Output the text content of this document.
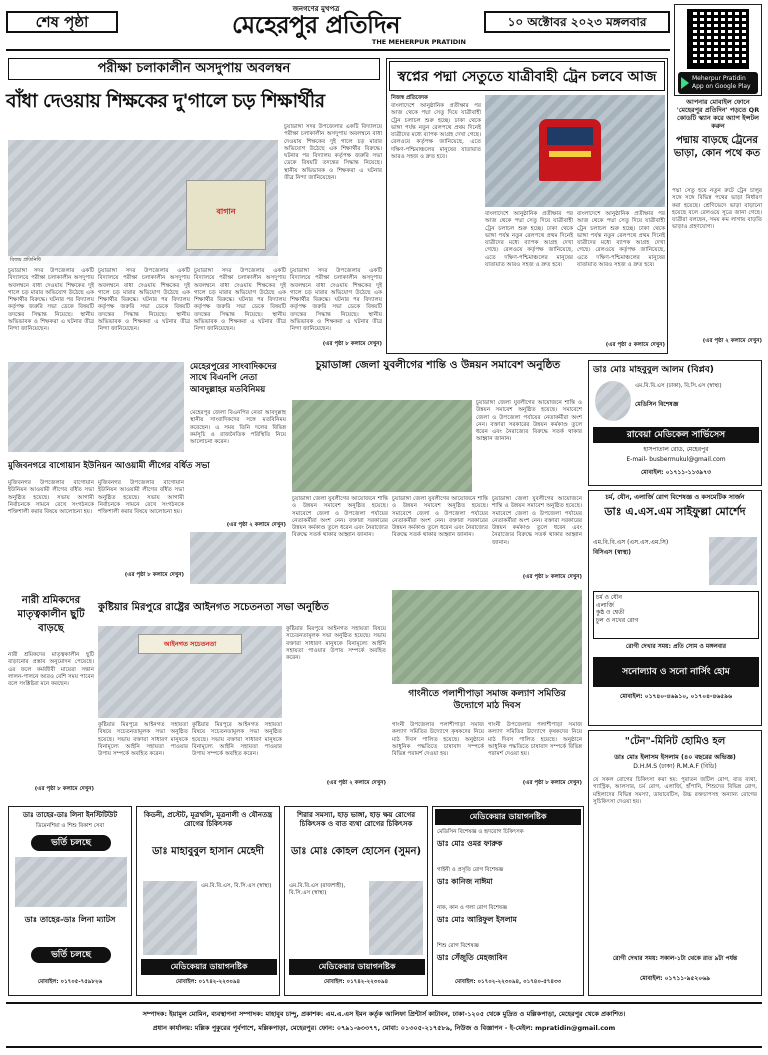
শেষ পৃষ্ঠা
জনগণের মুখপত্র
মেহেরপুর প্রতিদিন
THE MEHERPUR PRATIDIN
১০ অক্টোবর ২০২৩ মঙ্গলবার
Meherpur Pratidin
App on Google Play
আপনার মোবাইল ফোনে 'মেহেরপুর প্রতিদিন' পড়তে QR কোডটি স্ক্যান করে অ্যাপ ইন্সটল করুন
পরীক্ষা চলাকালীন অসদুপায় অবলম্বন
বাঁধা দেওয়ায় শিক্ষকের দু'গালে চড় শিক্ষার্থীর
বাগান
বিজয় প্রতিনিধি
চুয়াডাঙ্গা সদর উপজেলার একটি বিদ্যালয়ে পরীক্ষা চলাকালীন অসদুপায় অবলম্বনে বাধা দেওয়ায় শিক্ষকের দুই গালে চড় মারার অভিযোগ উঠেছে এক শিক্ষার্থীর বিরুদ্ধে। ঘটনার পর বিদ্যালয় কর্তৃপক্ষ জরুরি সভা ডেকে বিষয়টি তদন্তের সিদ্ধান্ত নিয়েছে। স্থানীয় অভিভাবক ও শিক্ষকরা এ ঘটনার তীব্র নিন্দা জানিয়েছেন।
চুয়াডাঙ্গা সদর উপজেলার একটি বিদ্যালয়ে পরীক্ষা চলাকালীন অসদুপায় অবলম্বনে বাধা দেওয়ায় শিক্ষকের দুই গালে চড় মারার অভিযোগ উঠেছে এক শিক্ষার্থীর বিরুদ্ধে। ঘটনার পর বিদ্যালয় কর্তৃপক্ষ জরুরি সভা ডেকে বিষয়টি তদন্তের সিদ্ধান্ত নিয়েছে। স্থানীয় অভিভাবক ও শিক্ষকরা এ ঘটনার তীব্র নিন্দা জানিয়েছেন।
চুয়াডাঙ্গা সদর উপজেলার একটি বিদ্যালয়ে পরীক্ষা চলাকালীন অসদুপায় অবলম্বনে বাধা দেওয়ায় শিক্ষকের দুই গালে চড় মারার অভিযোগ উঠেছে এক শিক্ষার্থীর বিরুদ্ধে। ঘটনার পর বিদ্যালয় কর্তৃপক্ষ জরুরি সভা ডেকে বিষয়টি তদন্তের সিদ্ধান্ত নিয়েছে। স্থানীয় অভিভাবক ও শিক্ষকরা এ ঘটনার তীব্র নিন্দা জানিয়েছেন।
চুয়াডাঙ্গা সদর উপজেলার একটি বিদ্যালয়ে পরীক্ষা চলাকালীন অসদুপায় অবলম্বনে বাধা দেওয়ায় শিক্ষকের দুই গালে চড় মারার অভিযোগ উঠেছে এক শিক্ষার্থীর বিরুদ্ধে। ঘটনার পর বিদ্যালয় কর্তৃপক্ষ জরুরি সভা ডেকে বিষয়টি তদন্তের সিদ্ধান্ত নিয়েছে। স্থানীয় অভিভাবক ও শিক্ষকরা এ ঘটনার তীব্র নিন্দা জানিয়েছেন।
চুয়াডাঙ্গা সদর উপজেলার একটি বিদ্যালয়ে পরীক্ষা চলাকালীন অসদুপায় অবলম্বনে বাধা দেওয়ায় শিক্ষকের দুই গালে চড় মারার অভিযোগ উঠেছে এক শিক্ষার্থীর বিরুদ্ধে। ঘটনার পর বিদ্যালয় কর্তৃপক্ষ জরুরি সভা ডেকে বিষয়টি তদন্তের সিদ্ধান্ত নিয়েছে। স্থানীয় অভিভাবক ও শিক্ষকরা এ ঘটনার তীব্র নিন্দা জানিয়েছেন।
(এর পৃষ্ঠা ৮ কলামে দেখুন)
স্বপ্নের পদ্মা সেতুতে যাত্রীবাহী ট্রেন চলবে আজ
নিজস্ব প্রতিবেদক
বাংলাদেশে আনুষ্ঠানিক প্রতীক্ষার পর আজ থেকে পদ্মা সেতু দিয়ে যাত্রীবাহী ট্রেন চলাচল শুরু হচ্ছে। ঢাকা থেকে ভাঙ্গা পর্যন্ত নতুন রেলপথে প্রথম দিনেই যাত্রীদের মধ্যে ব্যাপক আগ্রহ দেখা গেছে। রেলওয়ে কর্তৃপক্ষ জানিয়েছে, এতে দক্ষিণ-পশ্চিমাঞ্চলের মানুষের যাতায়াত আরও সহজ ও দ্রুত হবে।
বাংলাদেশে আনুষ্ঠানিক প্রতীক্ষার পর আজ থেকে পদ্মা সেতু দিয়ে যাত্রীবাহী ট্রেন চলাচল শুরু হচ্ছে। ঢাকা থেকে ভাঙ্গা পর্যন্ত নতুন রেলপথে প্রথম দিনেই যাত্রীদের মধ্যে ব্যাপক আগ্রহ দেখা গেছে। রেলওয়ে কর্তৃপক্ষ জানিয়েছে, এতে দক্ষিণ-পশ্চিমাঞ্চলের মানুষের যাতায়াত আরও সহজ ও দ্রুত হবে।
বাংলাদেশে আনুষ্ঠানিক প্রতীক্ষার পর আজ থেকে পদ্মা সেতু দিয়ে যাত্রীবাহী ট্রেন চলাচল শুরু হচ্ছে। ঢাকা থেকে ভাঙ্গা পর্যন্ত নতুন রেলপথে প্রথম দিনেই যাত্রীদের মধ্যে ব্যাপক আগ্রহ দেখা গেছে। রেলওয়ে কর্তৃপক্ষ জানিয়েছে, এতে দক্ষিণ-পশ্চিমাঞ্চলের মানুষের যাতায়াত আরও সহজ ও দ্রুত হবে।
(এর পৃষ্ঠা ৫ কলামে দেখুন)
পদ্মায় বাড়ছে ট্রেনের ভাড়া, কোন পথে কত
পদ্মা সেতু হয়ে নতুন রুটে ট্রেন চালুর সঙ্গে সঙ্গে বিভিন্ন পথের ভাড়া নির্ধারণ করা হয়েছে। শ্রেণিভেদে ভাড়া বাড়ানো হয়েছে বলে রেলওয়ে সূত্রে জানা গেছে। যাত্রীরা বলছেন, সময় কম লাগায় বাড়তি ভাড়াও গ্রহণযোগ্য।
(এর পৃষ্ঠা ২ কলামে দেখুন)
মুজিবনগরে বাগোয়ান ইউনিয়ন আওয়ামী লীগের বর্ধিত সভা
মুজিবনগর উপজেলার বাগোয়ান ইউনিয়ন আওয়ামী লীগের বর্ধিত সভা অনুষ্ঠিত হয়েছে। সভায় আগামী নির্বাচনকে সামনে রেখে সংগঠনকে শক্তিশালী করার বিষয়ে আলোচনা হয়।
মুজিবনগর উপজেলার বাগোয়ান ইউনিয়ন আওয়ামী লীগের বর্ধিত সভা অনুষ্ঠিত হয়েছে। সভায় আগামী নির্বাচনকে সামনে রেখে সংগঠনকে শক্তিশালী করার বিষয়ে আলোচনা হয়।
(এর পৃষ্ঠা ৮ কলামে দেখুন)
মেহেরপুরের সাংবাদিকদের সাথে বিএনপি নেতা আবদুল্লাহর মতবিনিময়
মেহেরপুর জেলা বিএনপির নেতা আবদুল্লাহ স্থানীয় সাংবাদিকদের সঙ্গে মতবিনিময় করেছেন। এ সময় তিনি দলের বিভিন্ন কর্মসূচি ও রাজনৈতিক পরিস্থিতি নিয়ে আলোচনা করেন।
(এর পৃষ্ঠা ২ কলামে দেখুন)
চুয়াডাঙ্গা জেলা যুবলীগের শান্তি ও উন্নয়ন সমাবেশ অনুষ্ঠিত
চুয়াডাঙ্গা জেলা যুবলীগের আয়োজনে শান্তি ও উন্নয়ন সমাবেশ অনুষ্ঠিত হয়েছে। সমাবেশে জেলা ও উপজেলা পর্যায়ের নেতাকর্মীরা অংশ নেন। বক্তারা সরকারের উন্নয়ন কর্মকাণ্ড তুলে ধরেন এবং নৈরাজ্যের বিরুদ্ধে সতর্ক থাকার আহ্বান জানান।
চুয়াডাঙ্গা জেলা যুবলীগের আয়োজনে শান্তি ও উন্নয়ন সমাবেশ অনুষ্ঠিত হয়েছে। সমাবেশে জেলা ও উপজেলা পর্যায়ের নেতাকর্মীরা অংশ নেন। বক্তারা সরকারের উন্নয়ন কর্মকাণ্ড তুলে ধরেন এবং নৈরাজ্যের বিরুদ্ধে সতর্ক থাকার আহ্বান জানান।
চুয়াডাঙ্গা জেলা যুবলীগের আয়োজনে শান্তি ও উন্নয়ন সমাবেশ অনুষ্ঠিত হয়েছে। সমাবেশে জেলা ও উপজেলা পর্যায়ের নেতাকর্মীরা অংশ নেন। বক্তারা সরকারের উন্নয়ন কর্মকাণ্ড তুলে ধরেন এবং নৈরাজ্যের বিরুদ্ধে সতর্ক থাকার আহ্বান জানান।
চুয়াডাঙ্গা জেলা যুবলীগের আয়োজনে শান্তি ও উন্নয়ন সমাবেশ অনুষ্ঠিত হয়েছে। সমাবেশে জেলা ও উপজেলা পর্যায়ের নেতাকর্মীরা অংশ নেন। বক্তারা সরকারের উন্নয়ন কর্মকাণ্ড তুলে ধরেন এবং নৈরাজ্যের বিরুদ্ধে সতর্ক থাকার আহ্বান জানান।
(এর পৃষ্ঠা ৮ কলামে দেখুন)
ডাঃ মোঃ মাহবুবুল আলম (বিপ্লব)
এম.বি.বি.এস (ঢাকা), বি.সি.এস (স্বাস্থ্য)
মেডিসিন বিশেষজ্ঞ
রাবেয়া মেডিকেল সার্ভিসেস
হাসপাতাল রোড, মেহেরপুর
E-mail- busbermukul@gmail.com
মোবাইল: ০১৭১১-১১৩৯৭৩
চর্ম, যৌন, এলার্জি রোগ বিশেষজ্ঞ ও কসমেটিক সার্জন
ডাঃ এ.এস.এম সাইফুল্লা মোর্শেদ
এম.বি.বি.এস (এস.এস.এম.সি)
বিসিএস (স্বাস্থ্য)
চর্ম ও যৌন
এলার্জি
কুষ্ঠ ও শ্বেতী
চুল ও নখের রোগ
রোগী দেখার সময়: প্রতি সোম ও মঙ্গলবার
সনোল্যাব ও সনো নার্সিং হোম
মোবাইল: ০১৭৪০-৪৬৯১০, ০১৭০৪-৪৬৫৯৬
নারী শ্রমিকদের মাতৃত্বকালীন ছুটি বাড়ছে
নারী শ্রমিকদের মাতৃত্বকালীন ছুটি বাড়ানোর প্রস্তাব অনুমোদন পেয়েছে। এর ফলে কর্মজীবী মায়েরা সন্তান লালন-পালনে আরও বেশি সময় পাবেন বলে সংশ্লিষ্টরা মনে করছেন।
(এর পৃষ্ঠা ৮ কলামে দেখুন)
কুষ্টিয়ার মিরপুরে রাষ্ট্রের আইনগত সচেতনতা সভা অনুষ্ঠিত
আইনগত সচেতনতা
কুষ্টিয়ার মিরপুরে আইনগত সহায়তা বিষয়ে সচেতনতামূলক সভা অনুষ্ঠিত হয়েছে। সভায় বক্তারা সাধারণ মানুষকে বিনামূল্যে আইনি সহায়তা পাওয়ার উপায় সম্পর্কে অবহিত করেন।
কুষ্টিয়ার মিরপুরে আইনগত সহায়তা বিষয়ে সচেতনতামূলক সভা অনুষ্ঠিত হয়েছে। সভায় বক্তারা সাধারণ মানুষকে বিনামূল্যে আইনি সহায়তা পাওয়ার উপায় সম্পর্কে অবহিত করেন।
কুষ্টিয়ার মিরপুরে আইনগত সহায়তা বিষয়ে সচেতনতামূলক সভা অনুষ্ঠিত হয়েছে। সভায় বক্তারা সাধারণ মানুষকে বিনামূল্যে আইনি সহায়তা পাওয়ার উপায় সম্পর্কে অবহিত করেন।
(এর পৃষ্ঠা ২ কলামে দেখুন)
গাংনীতে পলাশীপাড়া সমাজ কল্যাণ সমিতির উদ্যোগে মাঠ দিবস
গাংনী উপজেলার পলাশীপাড়া সমাজ কল্যাণ সমিতির উদ্যোগে কৃষকদের নিয়ে মাঠ দিবস পালিত হয়েছে। অনুষ্ঠানে আধুনিক পদ্ধতিতে চাষাবাদ সম্পর্কে বিভিন্ন পরামর্শ দেওয়া হয়।
গাংনী উপজেলার পলাশীপাড়া সমাজ কল্যাণ সমিতির উদ্যোগে কৃষকদের নিয়ে মাঠ দিবস পালিত হয়েছে। অনুষ্ঠানে আধুনিক পদ্ধতিতে চাষাবাদ সম্পর্কে বিভিন্ন পরামর্শ দেওয়া হয়।
(এর পৃষ্ঠা ৮ কলামে দেখুন)
"টেন"-মিনিট হোমিও হল
ডাঃ মোঃ ইলাসম ইসলাম (৪০ বছরের অভিজ্ঞ)
D.H.M.S (ঢাকা) R.M.A.F (বিডি)
যে সকল রোগের চিকিৎসা করা হয়: পুরাতন জটিল রোগ, বাত ব্যথা, গ্যাস্ট্রিক, আলসার, চর্ম রোগ, এলার্জি, হাঁপানি, শিশুদের বিভিন্ন রোগ, মহিলাদের বিভিন্ন সমস্যা, ডায়াবেটিস, উচ্চ রক্তচাপসহ অন্যান্য রোগের সুচিকিৎসা দেওয়া হয়।
রোগী দেখার সময়: সকাল-১টা থেকে রাত ৯টা পর্যন্ত
মোবাইল: ০১৭১১-৯৫২০৬৯
ডাঃ তাহের-ডাঃ লিনা ইনস্টিটিউট
ডিমেনশিয়া ও শিশু বিকাশ সেবা
ভর্তি চলছে
ডাঃ তাহের-ডাঃ লিনা ম্যাটস
ভর্তি চলছে
মোবাইল: ০১৭০৫-৭৫৯৮২৬
কিডনী, প্রস্টেট, মূত্রথলি, মূত্রনালী ও যৌনতন্ত্র রোগের চিকিৎসক
ডাঃ মাহাবুবুল হাসান মেহেদী
এম.বি.বি.এস, বি.সি.এস (স্বাস্থ্য)
মেডিকেয়ার ডায়াগনষ্টিক
মোবাইল: ০১৭৪২-২২৩০৯৪
শিরার সমস্যা, হাড় ভাঙ্গা, হাড় ক্ষয় রোগের চিকিৎসক ও বাত ব্যথা রোগের চিকিৎসক
ডাঃ মোঃ কোহল হোসেন (সুমন)
এম.বি.বি.এস (রাজশাহী), বি.সি.এস (স্বাস্থ্য)
মেডিকেয়ার ডায়াগনষ্টিক
মোবাইল: ০১৭৪২-২২৩০৯৪
মেডিকেয়ার ডায়াগনষ্টিক
মেডিসিন বিশেষজ্ঞ ও হৃদরোগ চিকিৎসক
ডাঃ মোঃ ওমর ফারুক
গাইনী ও প্রসূতি রোগ বিশেষজ্ঞ
ডাঃ কানিজ নাঈমা
নাক, কান ও গলা রোগ বিশেষজ্ঞ
ডাঃ মোঃ আরিফুল ইসলাম
শিশু রোগ বিশেষজ্ঞ
ডাঃ সেঁজুতি মেহজাবিন
মোবাইল: ০১৭০২-২২৩০৯৪, ০১৭৪০-৫৭৪৩৩
সম্পাদক: ইয়ামুল মোমিন, ব্যবস্থাপনা সম্পাদক: মাহাবুব চান্দু, প্রকাশক: এম.এ.এস ইমন কর্তৃক আলিফা প্রিন্টার্স কাটাবন, ঢাকা-১২০৫ থেকে মুদ্রিত ও মল্লিকপাড়া, মেহেরপুর থেকে প্রকাশিত।
প্রধান কার্যালয়: মল্লিক পুকুরের পূর্বপাশে, মল্লিকপাড়া, মেহেরপুর। ফোন: ০৭৯১-৬৩৩৭৭, মোবা: ০১৩০৫-২১৭৫৮৯, নিউজ ও বিজ্ঞাপন - ই-মেইল: mpratidin@gmail.com
